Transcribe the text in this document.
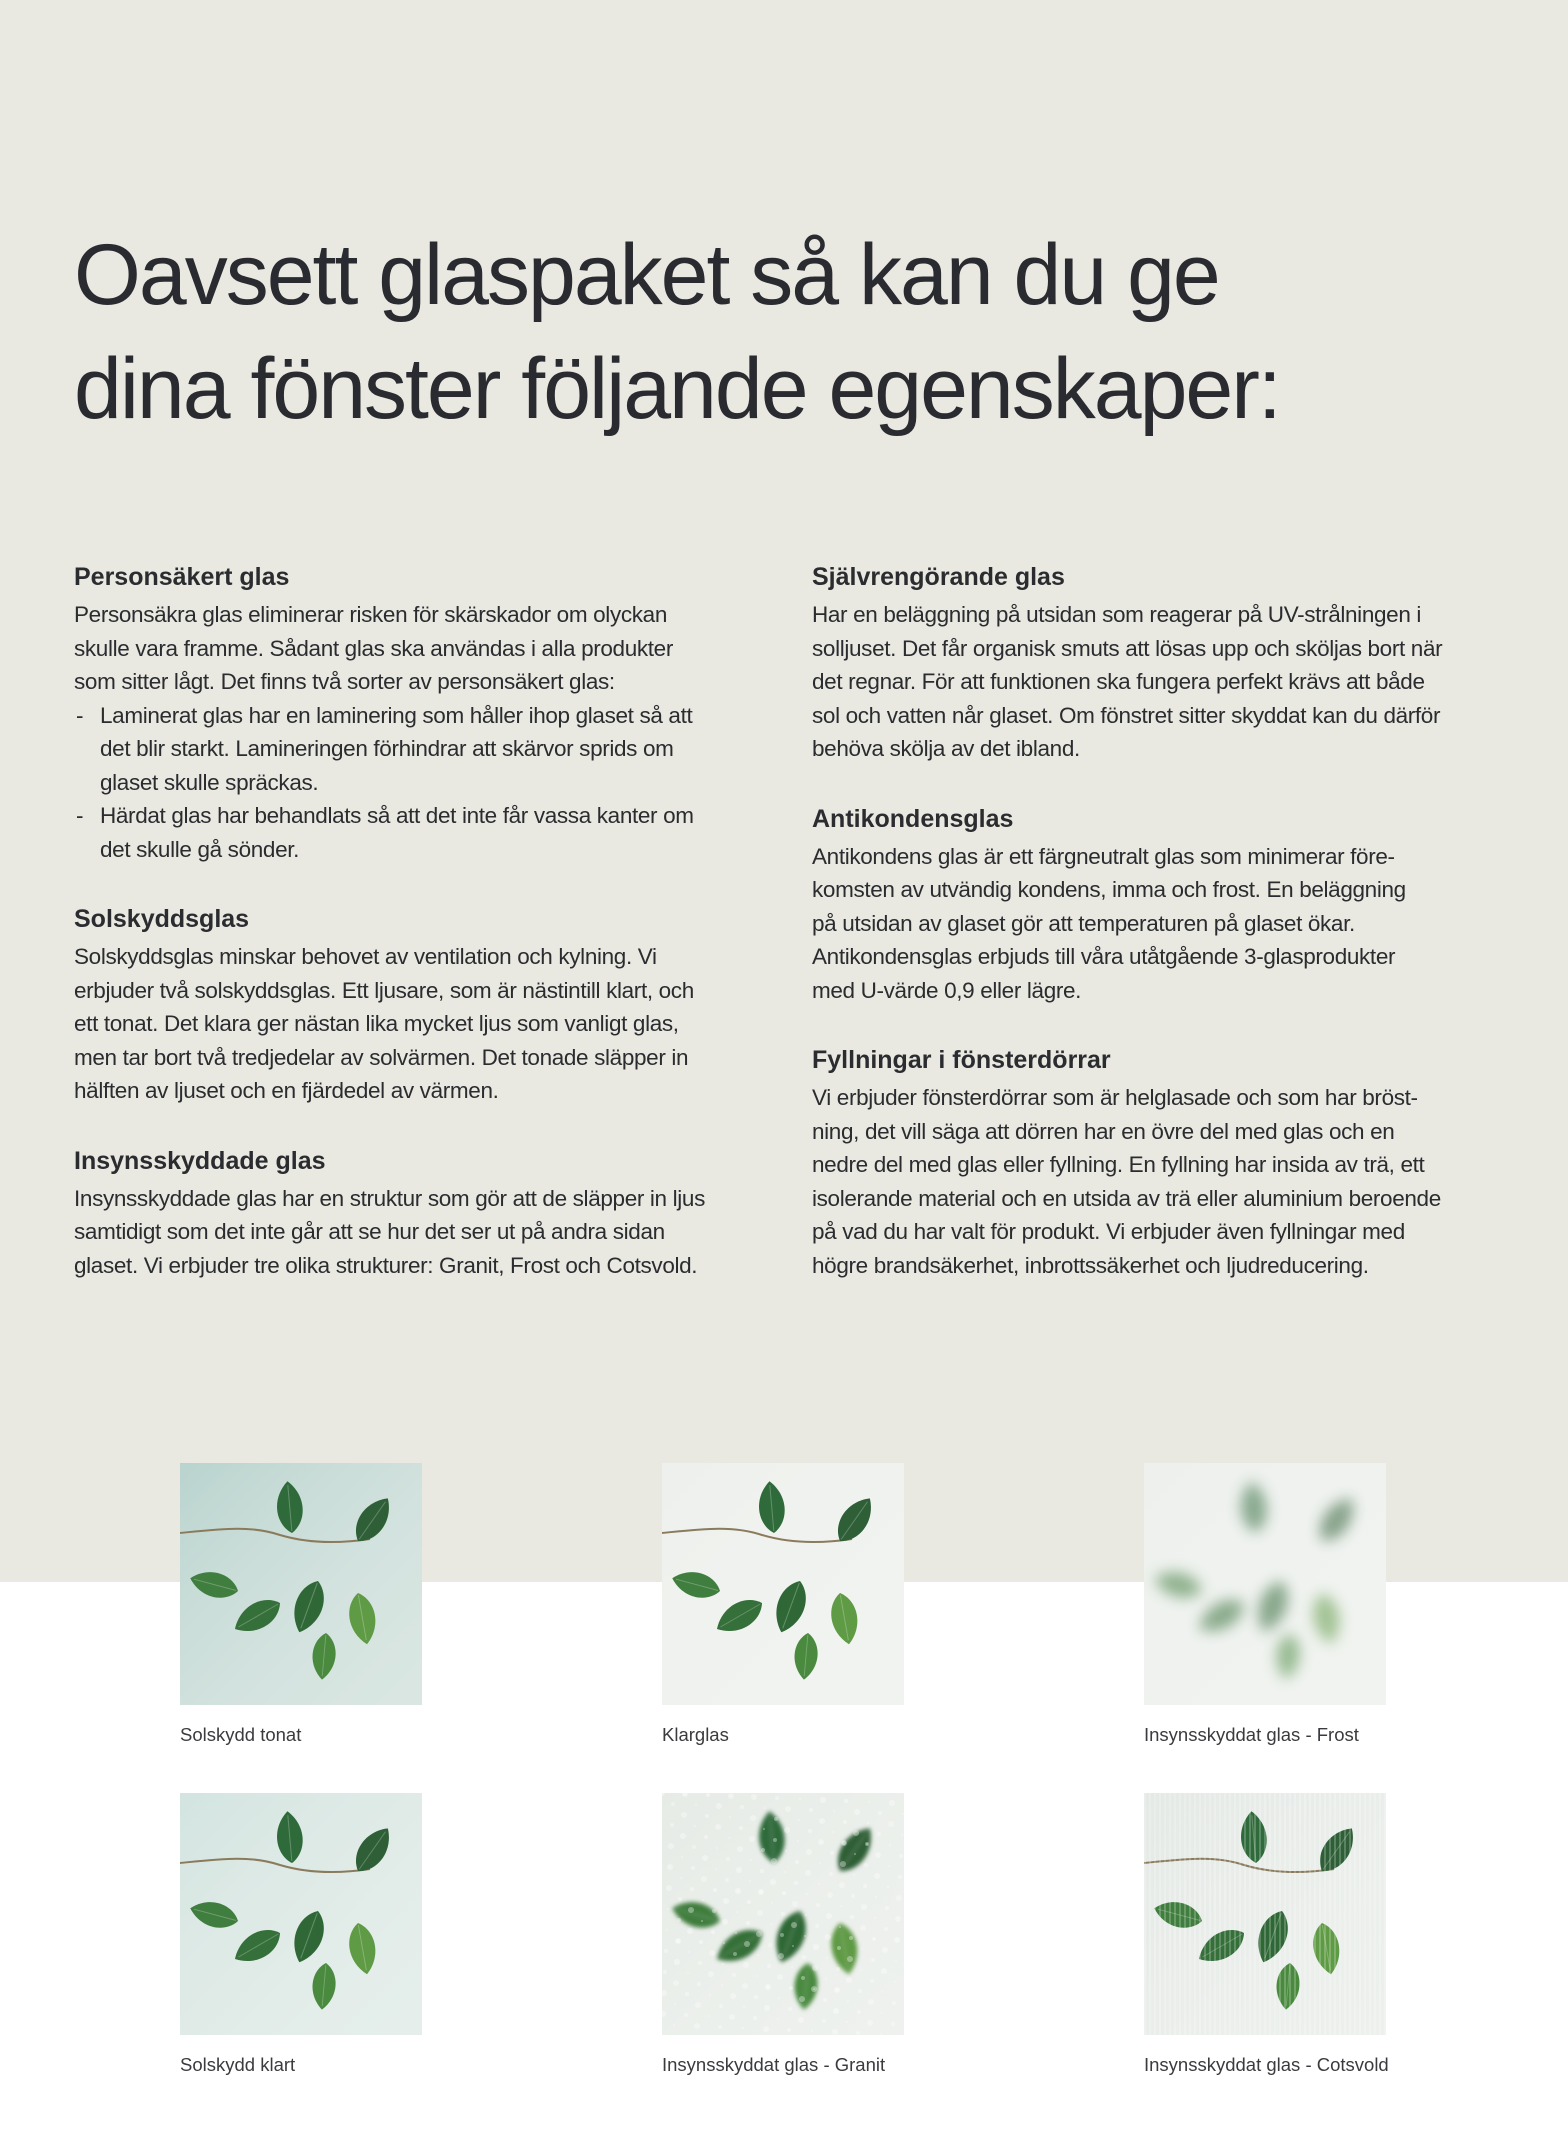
Oavsett glaspaket så kan du ge
dina fönster följande egenskaper:
Personsäkert glas

Personsäkra glas eliminerar risken för skärskador om olyckan
skulle vara framme. Sådant glas ska användas i alla produkter
som sitter lågt. Det finns två sorter av personsäkert glas:

- Laminerat glas har en laminering som håller ihop glaset så att
det blir starkt. Lamineringen förhindrar att skärvor sprids om
glaset skulle spräckas.
- Härdat glas har behandlats så att det inte får vassa kanter om
det skulle gå sönder.
Solskyddsglas

Solskyddsglas minskar behovet av ventilation och kylning. Vi
erbjuder två solskyddsglas. Ett ljusare, som är nästintill klart, och
ett tonat. Det klara ger nästan lika mycket ljus som vanligt glas,
men tar bort två tredjedelar av solvärmen. Det tonade släpper in
hälften av ljuset och en fjärdedel av värmen.

Insynsskyddade glas

Insynsskyddade glas har en struktur som gör att de släpper in ljus
samtidigt som det inte går att se hur det ser ut på andra sidan
glaset. Vi erbjuder tre olika strukturer: Granit, Frost och Cotsvold.

Självrengörande glas

Har en beläggning på utsidan som reagerar på UV-strålningen i
solljuset. Det får organisk smuts att lösas upp och sköljas bort när
det regnar. För att funktionen ska fungera perfekt krävs att både
sol och vatten når glaset. Om fönstret sitter skyddat kan du därför
behöva skölja av det ibland.

Antikondensglas

Antikondens glas är ett färgneutralt glas som minimerar före-
komsten av utvändig kondens, imma och frost. En beläggning
på utsidan av glaset gör att temperaturen på glaset ökar.
Antikondensglas erbjuds till våra utåtgående 3-glasprodukter
med U-värde 0,9 eller lägre.

Fyllningar i fönsterdörrar

Vi erbjuder fönsterdörrar som är helglasade och som har bröst-
ning, det vill säga att dörren har en övre del med glas och en
nedre del med glas eller fyllning. En fyllning har insida av trä, ett
isolerande material och en utsida av trä eller aluminium beroende
på vad du har valt för produkt. Vi erbjuder även fyllningar med
högre brandsäkerhet, inbrottssäkerhet och ljudreducering.

Solskydd tonat	Klarglas	Insynsskyddat glas - Frost
Solskydd klart	Insynsskyddat glas - Granit	Insynsskyddat glas - Cotsvold
